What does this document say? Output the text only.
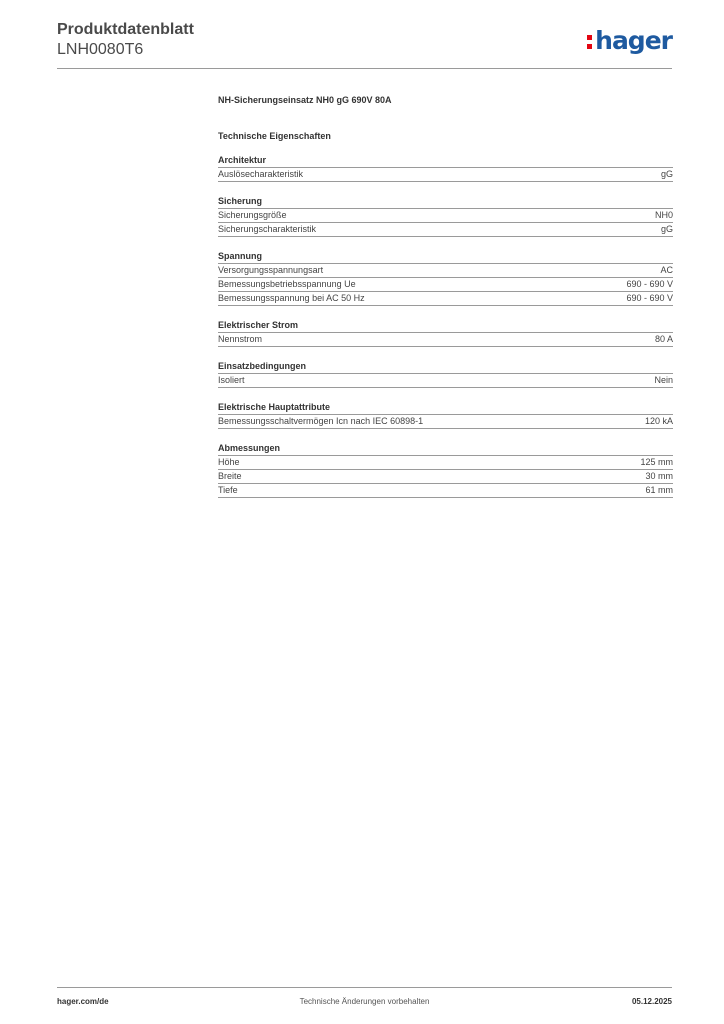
Produktdatenblatt
LNH0080T6	hager
NH-Sicherungseinsatz NH0 gG 690V 80A
Technische Eigenschaften
Architektur
Auslösecharakteristik	gG
Sicherung
Sicherungsgröße	NH0
Sicherungscharakteristik	gG
Spannung
Versorgungsspannungsart	AC
Bemessungsbetriebsspannung Ue	690 - 690 V
Bemessungsspannung bei AC 50 Hz	690 - 690 V
Elektrischer Strom
Nennstrom	80 A
Einsatzbedingungen
Isoliert	Nein
Elektrische Hauptattribute
Bemessungsschaltvermögen Icn nach IEC 60898-1	120 kA
Abmessungen
Höhe	125 mm
Breite	30 mm
Tiefe	61 mm
hager.com/de	Technische Änderungen vorbehalten	05.12.2025
